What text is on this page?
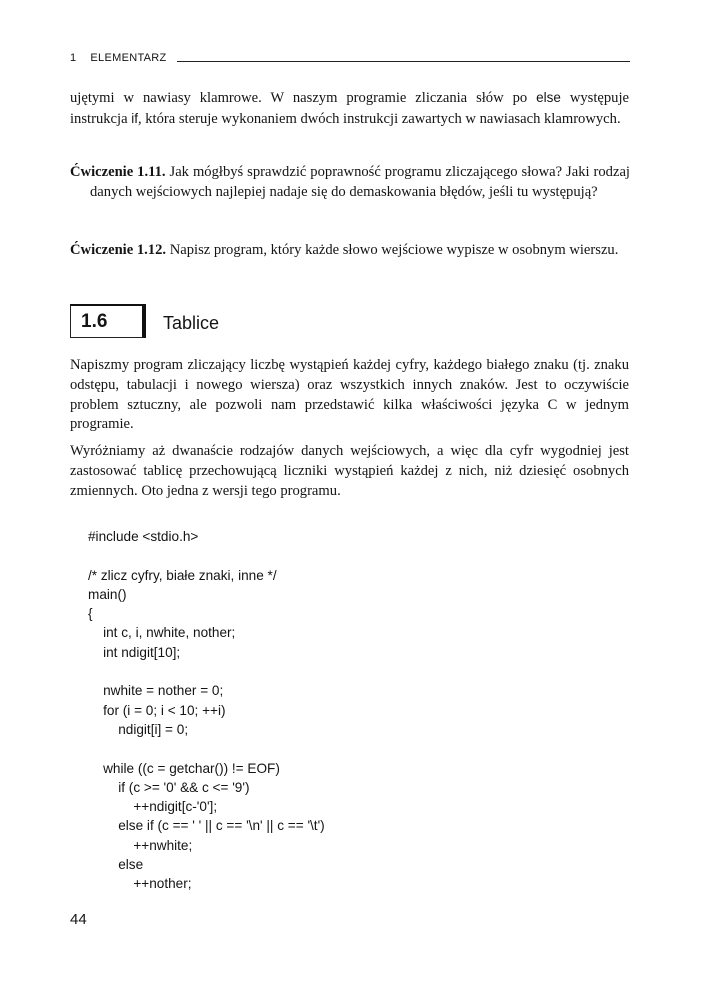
1 ELEMENTARZ

ujętymi w nawiasy klamrowe. W naszym programie zliczania słów po else występuje instrukcja if, która steruje wykonaniem dwóch instrukcji zawartych w nawiasach klamrowych.

Ćwiczenie 1.11. Jak mógłbyś sprawdzić poprawność programu zliczającego słowa? Jaki rodzaj danych wejściowych najlepiej nadaje się do demaskowania błędów, jeśli tu występują?

Ćwiczenie 1.12. Napisz program, który każde słowo wejściowe wypisze w osobnym wierszu.

1.6	Tablice

Napiszmy program zliczający liczbę wystąpień każdej cyfry, każdego białego znaku (tj. znaku odstępu, tabulacji i nowego wiersza) oraz wszystkich innych znaków. Jest to oczywiście problem sztuczny, ale pozwoli nam przedstawić kilka właściwości języka C w jednym programie.

Wyróżniamy aż dwanaście rodzajów danych wejściowych, a więc dla cyfr wygodniej jest zastosować tablicę przechowującą liczniki wystąpień każdej z nich, niż dziesięć osobnych zmiennych. Oto jedna z wersji tego programu.

#include <stdio.h>
/* zlicz cyfry, białe znaki, inne */
main()
{
int c, i, nwhite, nother;
int ndigit[10];
nwhite = nother = 0;
for (i = 0; i < 10; ++i)
ndigit[i] = 0;
while ((c = getchar()) != EOF)
if (c >= '0' && c <= '9')
++ndigit[c-'0'];
else if (c == ' ' || c == '\n' || c == '\t')
++nwhite;
else
++nother;
44
